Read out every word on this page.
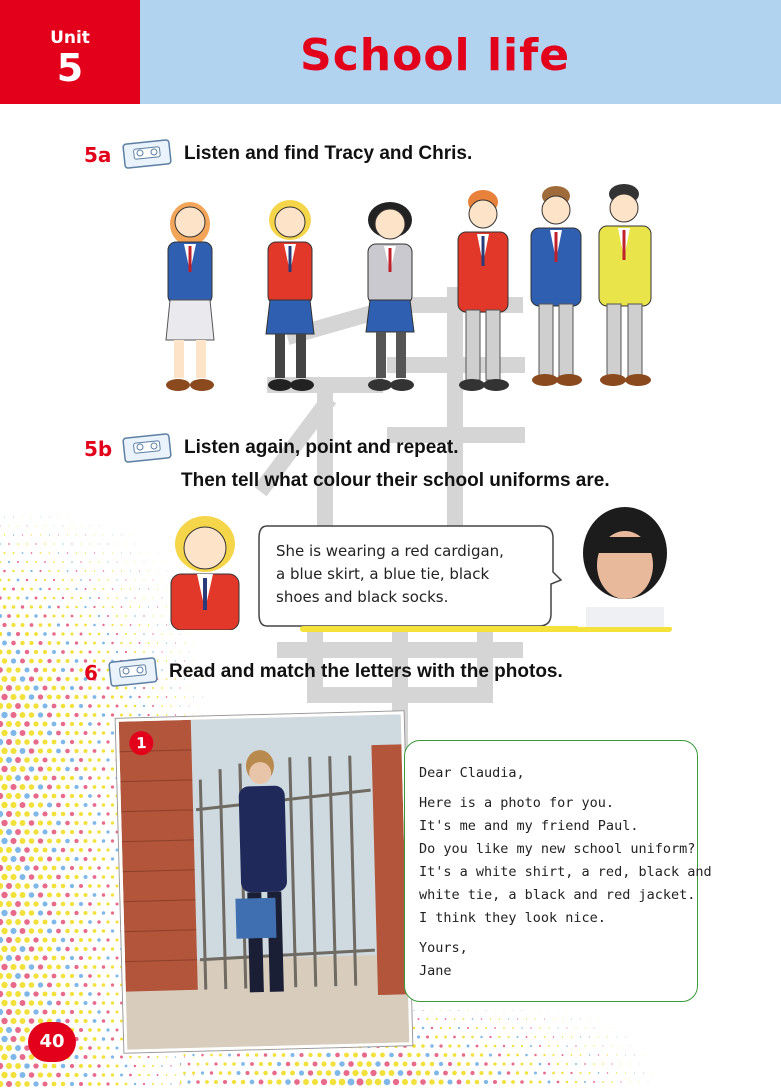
Unit
5	School life
5a	Listen and find Tracy and Chris.
5b	Listen again, point and repeat.
Then tell what colour their school uniforms are.
She is wearing a red cardigan,
a blue skirt, a blue tie, black
shoes and black socks.
6	Read and match the letters with the photos.
1
Dear Claudia,
Here is a photo for you.
It's me and my friend Paul.
Do you like my new school uniform?
It's a white shirt, a red, black and
white tie, a black and red jacket.
I think they look nice.
Yours,
Jane
40
